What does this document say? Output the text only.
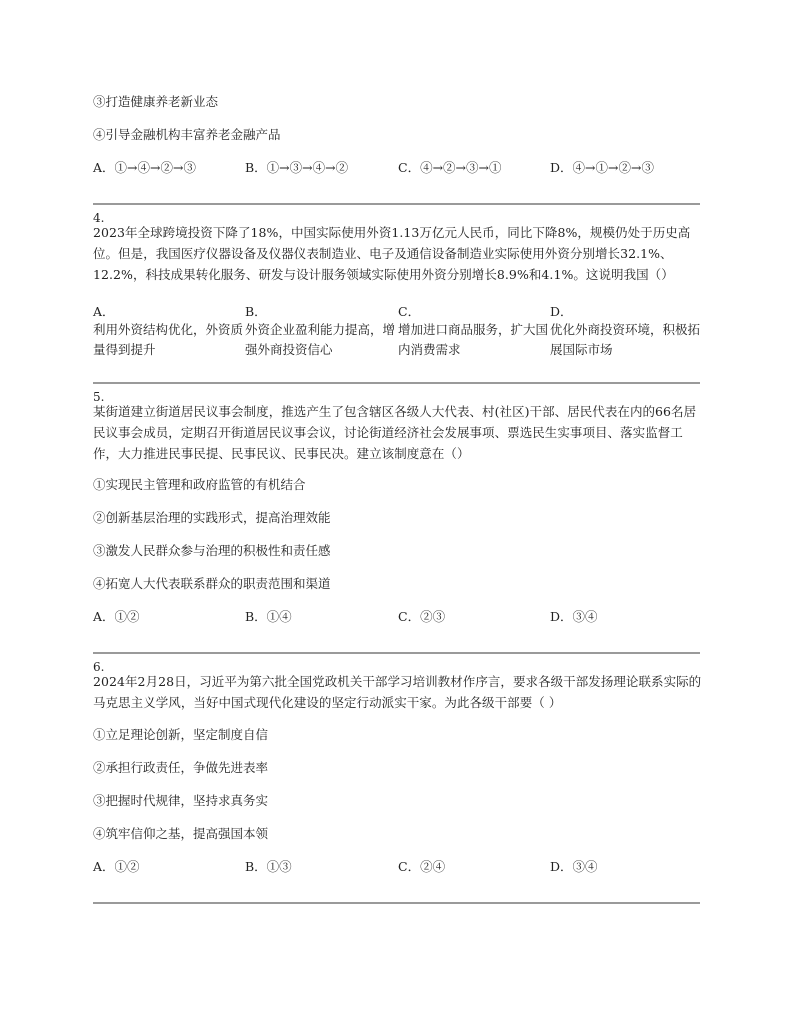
③打造健康养老新业态
④引导金融机构丰富养老金融产品
A．①→④→②→③	B．①→③→④→②	C．④→②→③→①	D．④→①→②→③
4.
2023年全球跨境投资下降了18%，中国实际使用外资1.13万亿元人民币，同比下降8%，规模仍处于历史高位。但是，我国医疗仪器设备及仪器仪表制造业、电子及通信设备制造业实际使用外资分别增长32.1%、12.2%，科技成果转化服务、研发与设计服务领域实际使用外资分别增长8.9%和4.1%。这说明我国（）
A．
利用外资结构优化，外资质量得到提升
B．
外资企业盈利能力提高，增强外商投资信心
C．
增加进口商品服务，扩大国内消费需求
D．
优化外商投资环境，积极拓展国际市场
5.
某街道建立街道居民议事会制度，推选产生了包含辖区各级人大代表、村(社区)干部、居民代表在内的66名居民议事会成员，定期召开街道居民议事会议，讨论街道经济社会发展事项、票选民生实事项目、落实监督工作，大力推进民事民提、民事民议、民事民决。建立该制度意在（）
①实现民主管理和政府监管的有机结合
②创新基层治理的实践形式，提高治理效能
③激发人民群众参与治理的积极性和责任感
④拓宽人大代表联系群众的职责范围和渠道
A．①②	B．①④	C．②③	D．③④
6.
2024年2月28日，习近平为第六批全国党政机关干部学习培训教材作序言，要求各级干部发扬理论联系实际的马克思主义学风，当好中国式现代化建设的坚定行动派实干家。为此各级干部要（ ）
①立足理论创新，坚定制度自信
②承担行政责任，争做先进表率
③把握时代规律，坚持求真务实
④筑牢信仰之基，提高强国本领
A．①②	B．①③	C．②④	D．③④
